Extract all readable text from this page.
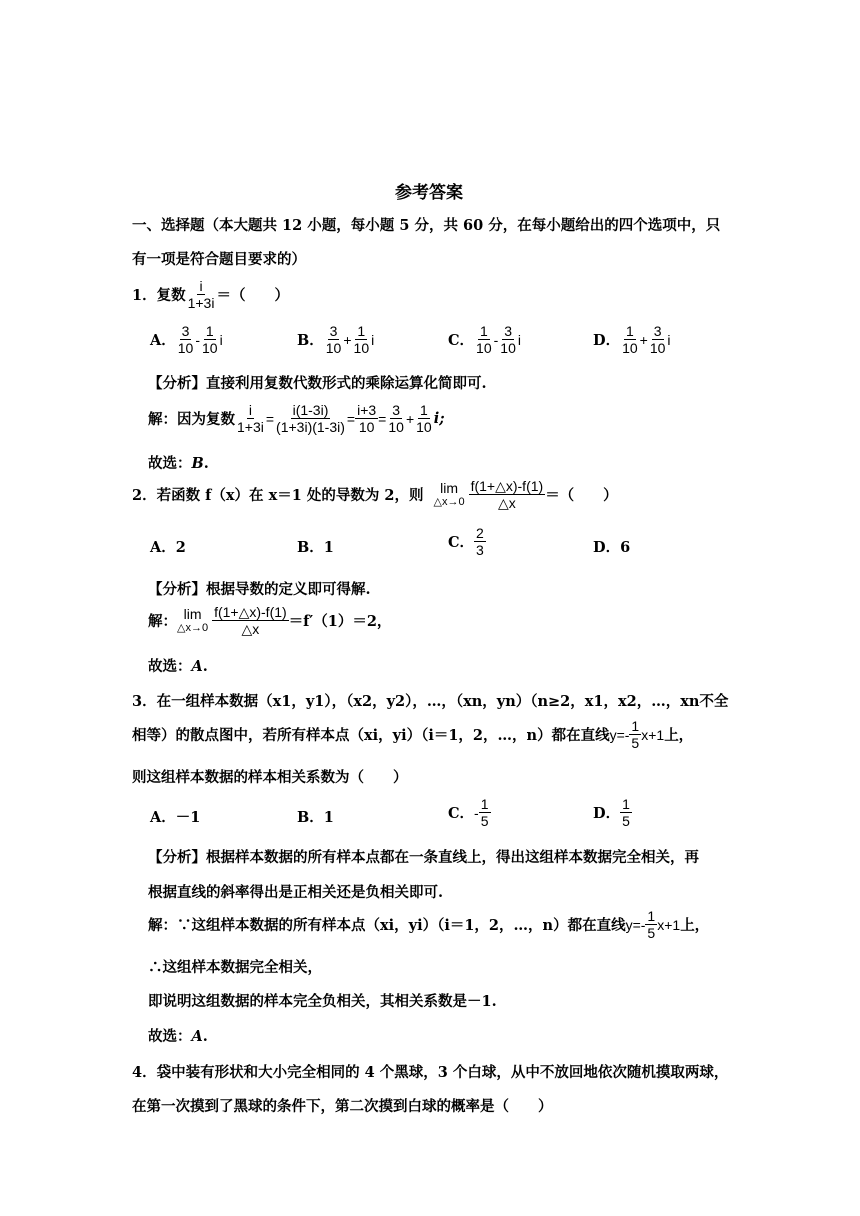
参考答案
一、选择题（本大题共 12 小题，每小题 5 分，共 60 分，在每小题给出的四个选项中，只
有一项是符合题目要求的）
1． 复数 $\frac{i}{1+3i}$ ＝（　　）
A． $\frac{3}{10} - \frac{1}{10}$ i	B． $\frac{3}{10} + \frac{1}{10}$ i	C． $\frac{1}{10} - \frac{3}{10}$ i	D． $\frac{1}{10} + \frac{3}{10}$ i
【分析】直接利用复数代数形式的乘除运算化简即可.
解：因为复数 $\frac{i}{1+3i} = \frac{i(1-3i)}{(1+3i)(1-3i)} = \frac{i+3}{10} = \frac{3}{10} + \frac{1}{10} i$;
故选：B.
2． 若函数 f（x）在 x＝1 处的导数为 2，则 lim
△x→0 $\frac{f(1+\triangle x)-f(1)}{\triangle x}$ ＝（　　）
A．2	B．1	C． $\frac{2}{3}$	D．6
【分析】根据导数的定义即可得解.
解： lim
△x→0 $\frac{f(1+\triangle x)-f(1)}{\triangle x} =f'(1)=2$，
故选：A.
3．在一组样本数据（x1，y1），（x2，y2），…，（xn，yn）（n≥2，x1，x2，…，xn不全
相等）的散点图中，若所有样本点（xi，yi）（i＝1，2，…，n）都在直线 $y=- \frac{1}{5} x+1$ 上，
则这组样本数据的样本相关系数为（　　）
A．－1	B．1	C． - $\frac{1}{5}$	D． $\frac{1}{5}$
【分析】根据样本数据的所有样本点都在一条直线上，得出这组样本数据完全相关，再
根据直线的斜率得出是正相关还是负相关即可.
解：∵这组样本数据的所有样本点（xi，yi）（i＝1，2，…，n）都在直线 $y=- \frac{1}{5} x+1$ 上，
∴这组样本数据完全相关，
即说明这组数据的样本完全负相关，其相关系数是－1.
故选：A.
4．袋中装有形状和大小完全相同的 4 个黑球，3 个白球，从中不放回地依次随机摸取两球，
在第一次摸到了黑球的条件下，第二次摸到白球的概率是（　　）
